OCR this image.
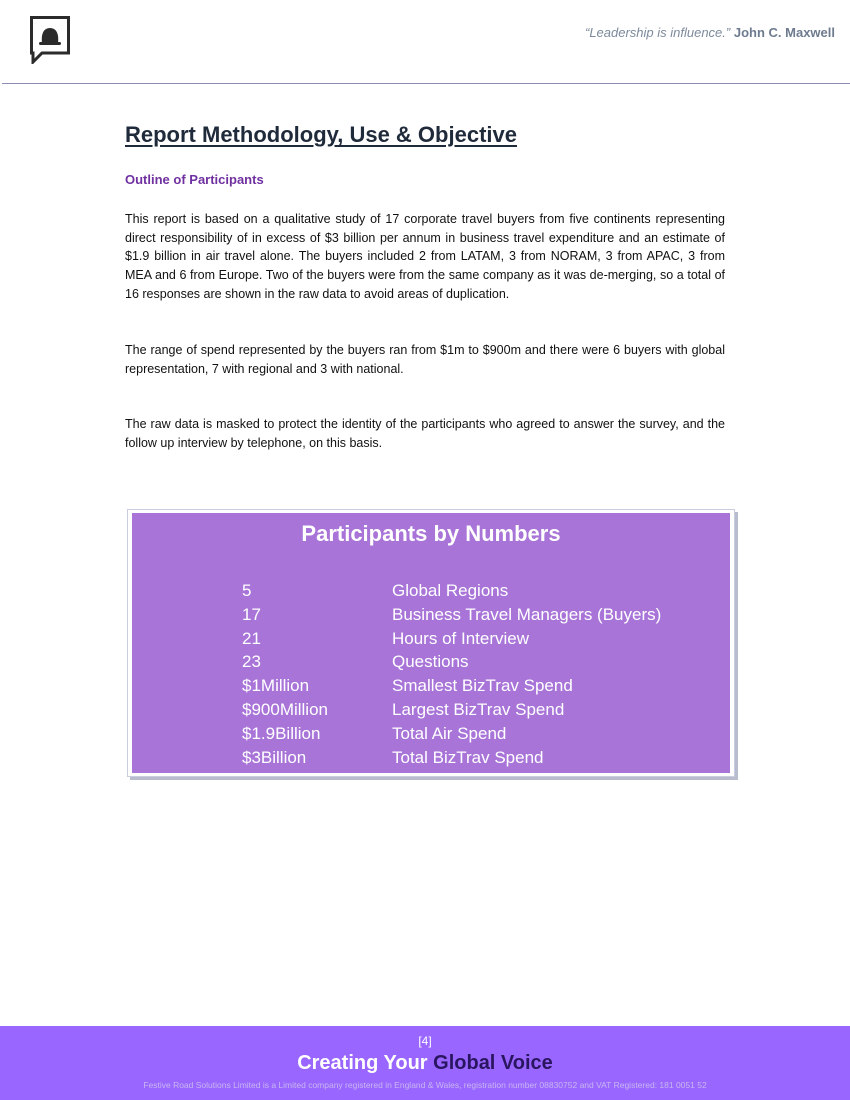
“Leadership is influence.” John C. Maxwell
Report Methodology, Use & Objective
Outline of Participants

This report is based on a qualitative study of 17 corporate travel buyers from five continents representing direct responsibility of in excess of $3 billion per annum in business travel expenditure and an estimate of $1.9 billion in air travel alone. The buyers included 2 from LATAM, 3 from NORAM, 3 from APAC, 3 from MEA and 6 from Europe. Two of the buyers were from the same company as it was de-merging, so a total of 16 responses are shown in the raw data to avoid areas of duplication.

The range of spend represented by the buyers ran from $1m to $900m and there were 6 buyers with global representation, 7 with regional and 3 with national.

The raw data is masked to protect the identity of the participants who agreed to answer the survey, and the follow up interview by telephone, on this basis.

Participants by Numbers
5	Global Regions
17	Business Travel Managers (Buyers)
21	Hours of Interview
23	Questions
$1Million	Smallest BizTrav Spend
$900Million	Largest BizTrav Spend
$1.9Billion	Total Air Spend
$3Billion	Total BizTrav Spend
[4]
Creating Your Global Voice
Festive Road Solutions Limited is a Limited company registered in England & Wales, registration number 08830752 and VAT Registered: 181 0051 52
